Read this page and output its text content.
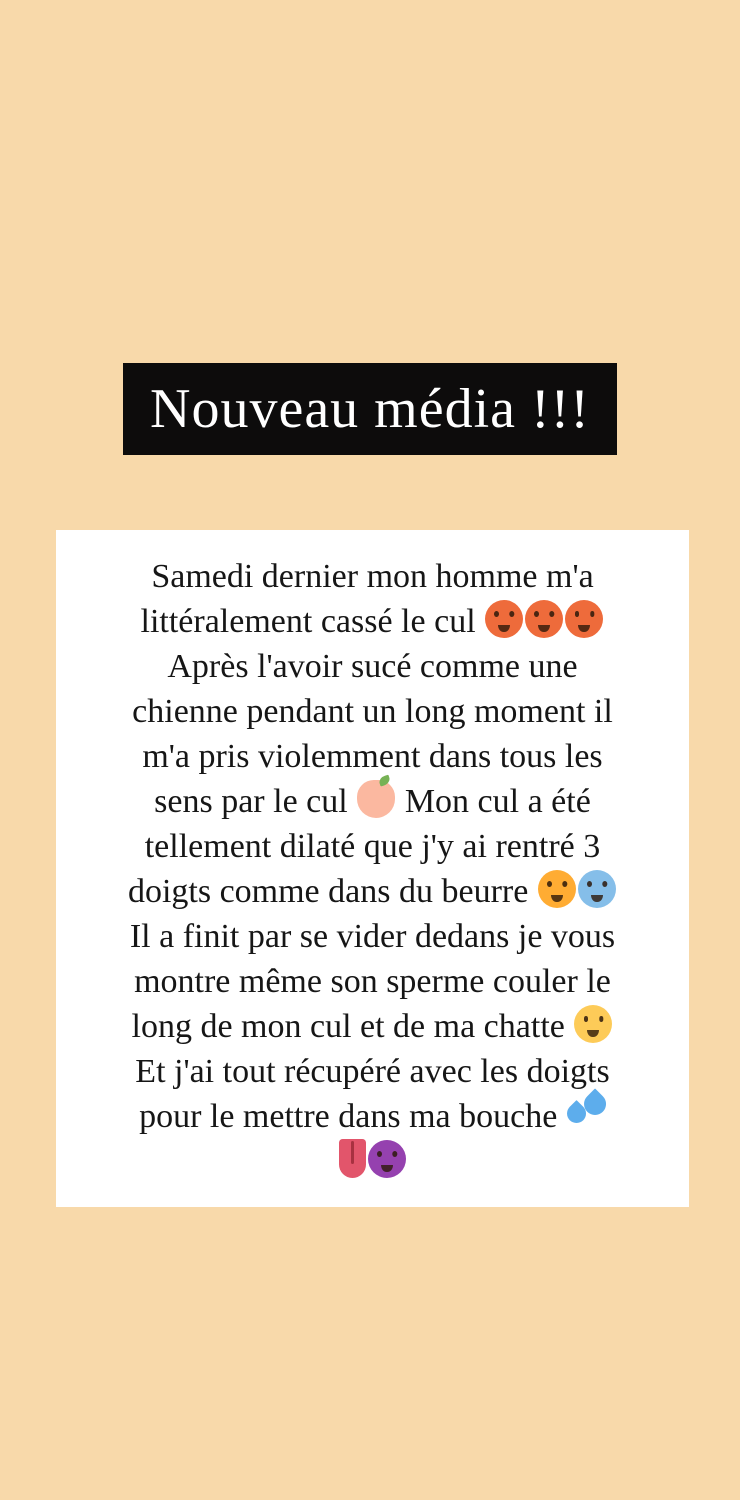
Nouveau média !!!

Samedi dernier mon homme m'a
littéralement cassé le cul
Après l'avoir sucé comme une
chienne pendant un long moment il
m'a pris violemment dans tous les
sens par le cul  Mon cul a été
tellement dilaté que j'y ai rentré 3
doigts comme dans du beurre
Il a finit par se vider dedans je vous
montre même son sperme couler le
long de mon cul et de ma chatte
Et j'ai tout récupéré avec les doigts
pour le mettre dans ma bouche
